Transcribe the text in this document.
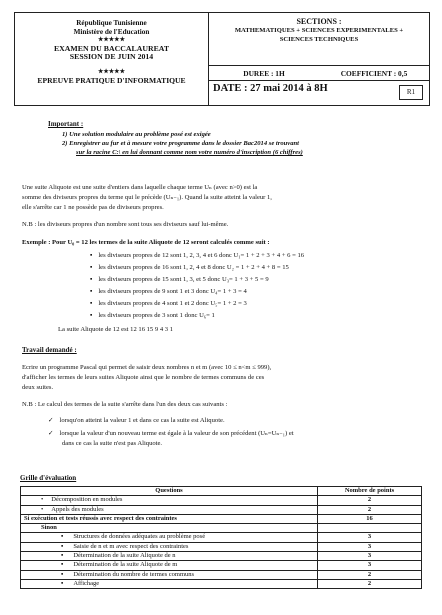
République Tunisienne
Ministère de l'Education
★★★★★
EXAMEN DU BACCALAUREAT
SESSION DE JUIN 2014
★★★★★
EPREUVE PRATIQUE D'INFORMATIQUE
SECTIONS :
MATHEMATIQUES + SCIENCES EXPERIMENTALES +
SCIENCES TECHNIQUES
DUREE : 1H	COEFFICIENT : 0,5
DATE : 27 mai 2014 à 8H	R1
Important :
1) Une solution modulaire au problème posé est exigée
2) Enregistrer au fur et à mesure votre programme dans le dossier Bac2014 se trouvant
sur la racine C:\ en lui donnant comme nom votre numéro d'inscription (6 chiffres)
Une suite Aliquote est une suite d'entiers dans laquelle chaque terme Uₙ (avec n>0) est la
somme des diviseurs propres du terme qui le précède (Uₙ₋₁). Quand la suite atteint la valeur 1,
elle s'arrête car 1 ne possède pas de diviseurs propres.
N.B : les diviseurs propres d'un nombre sont tous ses diviseurs sauf lui-même.
Exemple : Pour U₀ = 12 les termes de la suite Aliquote de 12 seront calculés comme suit :
▪ les diviseurs propres de 12 sont 1, 2, 3, 4 et 6 donc U₁= 1 + 2 + 3 + 4 + 6 = 16
▪ les diviseurs propres de 16 sont 1, 2, 4 et 8 donc U₂ = 1 + 2 + 4 + 8 = 15
▪ les diviseurs propres de 15 sont 1, 3, et 5 donc U₃= 1 + 3 + 5 = 9
▪ les diviseurs propres de 9 sont 1 et 3 donc U₄= 1 + 3 = 4
▪ les diviseurs propres de 4 sont 1 et 2 donc U₅= 1 + 2 = 3
▪ les diviseurs propres de 3 sont 1 donc U₆= 1
La suite Aliquote de 12 est 12 16 15 9 4 3 1
Travail demandé :
Ecrire un programme Pascal qui permet de saisir deux nombres n et m (avec 10 ≤ n<m ≤ 999),
d'afficher les termes de leurs suites Aliquote ainsi que le nombre de termes communs de ces
deux suites.
N.B : Le calcul des termes de la suite s'arrête dans l'un des deux cas suivants :
✓ lorsqu'on atteint la valeur 1 et dans ce cas la suite est Aliquote.
✓ lorsque la valeur d'un nouveau terme est égale à la valeur de son précédent (Uₙ=Uₙ₋₁) et
dans ce cas la suite n'est pas Aliquote.
Grille d'évaluation
Questions	Nombre de points
• Décomposition en modules	2
• Appels des modules	2
Si exécution et tests réussis avec respect des contraintes	16
Sinon	
▪ Structures de données adéquates au problème posé	3
▪ Saisie de n et m avec respect des contraintes	3
▪ Détermination de la suite Aliquote de n	3
▪ Détermination de la suite Aliquote de m	3
▪ Détermination du nombre de termes communs	2
▪ Affichage	2
